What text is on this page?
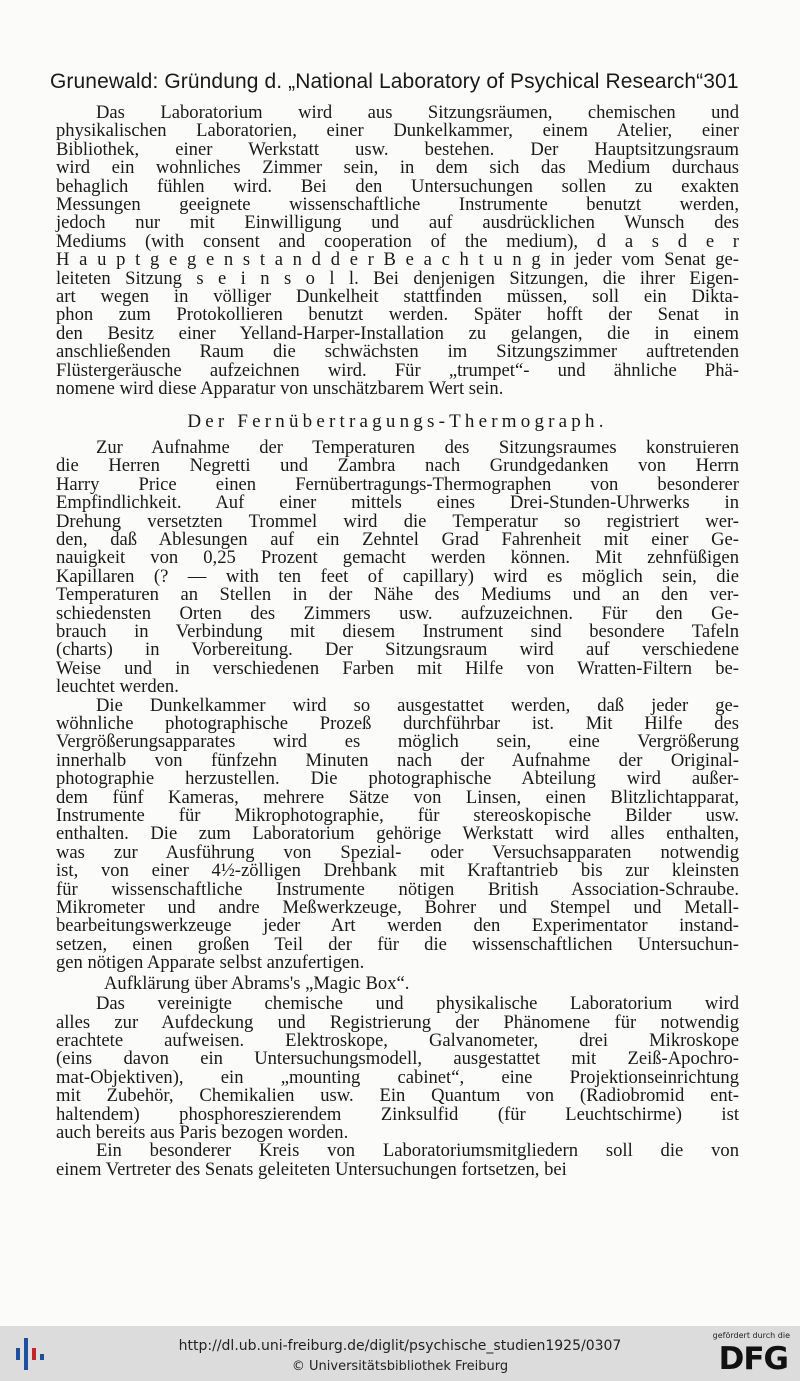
Grunewald: Gründung d. „National Laboratory of Psychical Research“ 301
Das Laboratorium wird aus Sitzungsräumen, chemischen und
physikalischen Laboratorien, einer Dunkelkammer, einem Atelier, einer
Bibliothek, einer Werkstatt usw. bestehen. Der Hauptsitzungsraum
wird ein wohnliches Zimmer sein, in dem sich das Medium durchaus
behaglich fühlen wird. Bei den Untersuchungen sollen zu exakten
Messungen geeignete wissenschaftliche Instrumente benutzt werden,
jedoch nur mit Einwilligung und auf ausdrücklichen Wunsch des
Mediums (with consent and cooperation of the medium), d a s d e r
H a u p t g e g e n s t a n d d e r B e a c h t u n g in jeder vom Senat ge-
leiteten Sitzung s e i n s o l l. Bei denjenigen Sitzungen, die ihrer Eigen-
art wegen in völliger Dunkelheit stattfinden müssen, soll ein Dikta-
phon zum Protokollieren benutzt werden. Später hofft der Senat in
den Besitz einer Yelland-Harper-Installation zu gelangen, die in einem
anschließenden Raum die schwächsten im Sitzungszimmer auftretenden
Flüstergeräusche aufzeichnen wird. Für „trumpet“- und ähnliche Phä-
nomene wird diese Apparatur von unschätzbarem Wert sein.
Der Fernübertragungs-Thermograph.
Zur Aufnahme der Temperaturen des Sitzungsraumes konstruieren
die Herren Negretti und Zambra nach Grundgedanken von Herrn
Harry Price einen Fernübertragungs-Thermographen von besonderer
Empfindlichkeit. Auf einer mittels eines Drei-Stunden-Uhrwerks in
Drehung versetzten Trommel wird die Temperatur so registriert wer-
den, daß Ablesungen auf ein Zehntel Grad Fahrenheit mit einer Ge-
nauigkeit von 0,25 Prozent gemacht werden können. Mit zehnfüßigen
Kapillaren (? — with ten feet of capillary) wird es möglich sein, die
Temperaturen an Stellen in der Nähe des Mediums und an den ver-
schiedensten Orten des Zimmers usw. aufzuzeichnen. Für den Ge-
brauch in Verbindung mit diesem Instrument sind besondere Tafeln
(charts) in Vorbereitung. Der Sitzungsraum wird auf verschiedene
Weise und in verschiedenen Farben mit Hilfe von Wratten-Filtern be-
leuchtet werden.
Die Dunkelkammer wird so ausgestattet werden, daß jeder ge-
wöhnliche photographische Prozeß durchführbar ist. Mit Hilfe des
Vergrößerungsapparates wird es möglich sein, eine Vergrößerung
innerhalb von fünfzehn Minuten nach der Aufnahme der Original-
photographie herzustellen. Die photographische Abteilung wird außer-
dem fünf Kameras, mehrere Sätze von Linsen, einen Blitzlichtapparat,
Instrumente für Mikrophotographie, für stereoskopische Bilder usw.
enthalten. Die zum Laboratorium gehörige Werkstatt wird alles enthalten,
was zur Ausführung von Spezial- oder Versuchsapparaten notwendig
ist, von einer 4½-zölligen Drehbank mit Kraftantrieb bis zur kleinsten
für wissenschaftliche Instrumente nötigen British Association-Schraube.
Mikrometer und andre Meßwerkzeuge, Bohrer und Stempel und Metall-
bearbeitungswerkzeuge jeder Art werden den Experimentator instand-
setzen, einen großen Teil der für die wissenschaftlichen Untersuchun-
gen nötigen Apparate selbst anzufertigen.
Aufklärung über Abrams's „Magic Box“.
Das vereinigte chemische und physikalische Laboratorium wird
alles zur Aufdeckung und Registrierung der Phänomene für notwendig
erachtete aufweisen. Elektroskope, Galvanometer, drei Mikroskope
(eins davon ein Untersuchungsmodell, ausgestattet mit Zeiß-Apochro-
mat-Objektiven), ein „mounting cabinet“, eine Projektionseinrichtung
mit Zubehör, Chemikalien usw. Ein Quantum von (Radiobromid ent-
haltendem) phosphoreszierendem Zinksulfid (für Leuchtschirme) ist
auch bereits aus Paris bezogen worden.
Ein besonderer Kreis von Laboratoriumsmitgliedern soll die von
einem Vertreter des Senats geleiteten Untersuchungen fortsetzen, bei
http://dl.ub.uni-freiburg.de/diglit/psychische_studien1925/0307
© Universitätsbibliothek Freiburg
gefördert durch die
DFG
